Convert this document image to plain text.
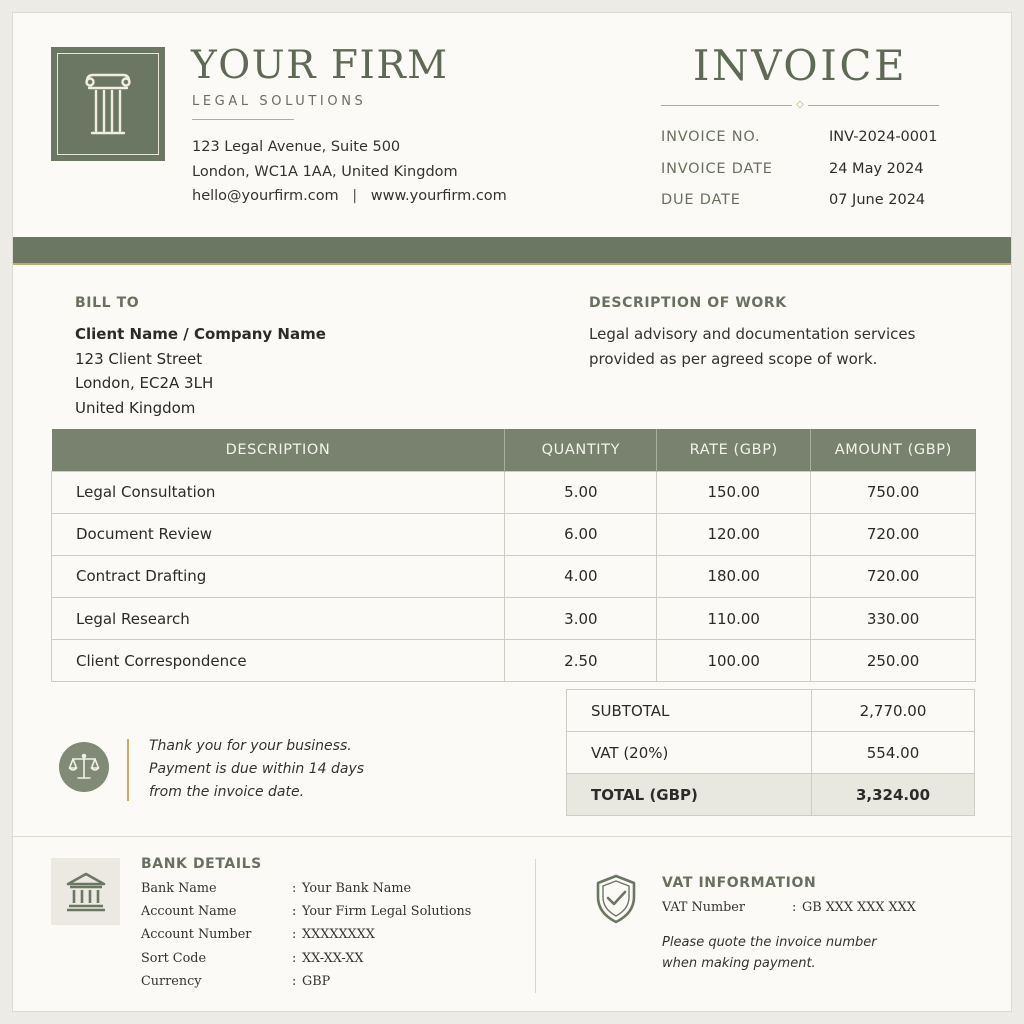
YOUR FIRM
LEGAL SOLUTIONS
123 Legal Avenue, Suite 500
London, WC1A 1AA, United Kingdom
hello@yourfirm.com | www.yourfirm.com
INVOICE
◇
INVOICE NO.	INV-2024-0001
INVOICE DATE	24 May 2024
DUE DATE	07 June 2024
BILL TO
Client Name / Company Name
123 Client Street
London, EC2A 3LH
United Kingdom
DESCRIPTION OF WORK
Legal advisory and documentation services provided as per agreed scope of work.
DESCRIPTION	QUANTITY	RATE (GBP)	AMOUNT (GBP)
Legal Consultation	5.00	150.00	750.00
Document Review	6.00	120.00	720.00
Contract Drafting	4.00	180.00	720.00
Legal Research	3.00	110.00	330.00
Client Correspondence	2.50	100.00	250.00
Thank you for your business.
Payment is due within 14 days
from the invoice date.
SUBTOTAL	2,770.00
VAT (20%)	554.00
TOTAL (GBP)	3,324.00
BANK DETAILS
Bank Name	: Your Bank Name
Account Name	: Your Firm Legal Solutions
Account Number	: XXXXXXXX
Sort Code	: XX-XX-XX
Currency	: GBP
VAT INFORMATION
VAT Number	: GB XXX XXX XXX
Please quote the invoice number
when making payment.
